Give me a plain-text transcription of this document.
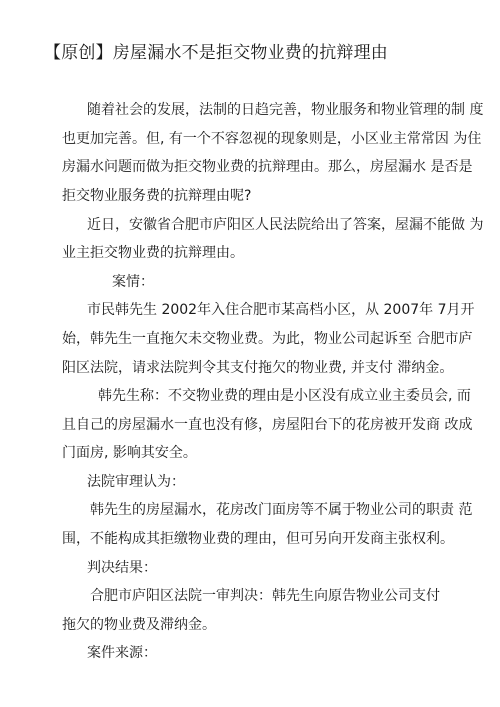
【原创】房屋漏水不是拒交物业费的抗辩理由
随着社会的发展，法制的日趋完善，物业服务和物业管理的制 度
也更加完善。但, 有一个不容忽视的现象则是，小区业主常常因 为住
房漏水问题而做为拒交物业费的抗辩理由。那么，房屋漏水 是否是
拒交物业服务费的抗辩理由呢?
近日，安徽省合肥市庐阳区人民法院给出了答案，屋漏不能做 为
业主拒交物业费的抗辩理由。
案情：
市民韩先生 2002年入住合肥市某高档小区，从 2007年 7月开
始，韩先生一直拖欠未交物业费。为此，物业公司起诉至 合肥市庐
阳区法院，请求法院判令其支付拖欠的物业费, 并支付 滞纳金。
韩先生称：不交物业费的理由是小区没有成立业主委员会, 而
且自己的房屋漏水一直也没有修，房屋阳台下的花房被开发商 改成
门面房, 影响其安全。
法院审理认为：
韩先生的房屋漏水，花房改门面房等不属于物业公司的职责 范
围，不能构成其拒缴物业费的理由，但可另向开发商主张权利。
判决结果：
合肥市庐阳区法院一审判决：韩先生向原告物业公司支付
拖欠的物业费及滞纳金。
案件来源：
